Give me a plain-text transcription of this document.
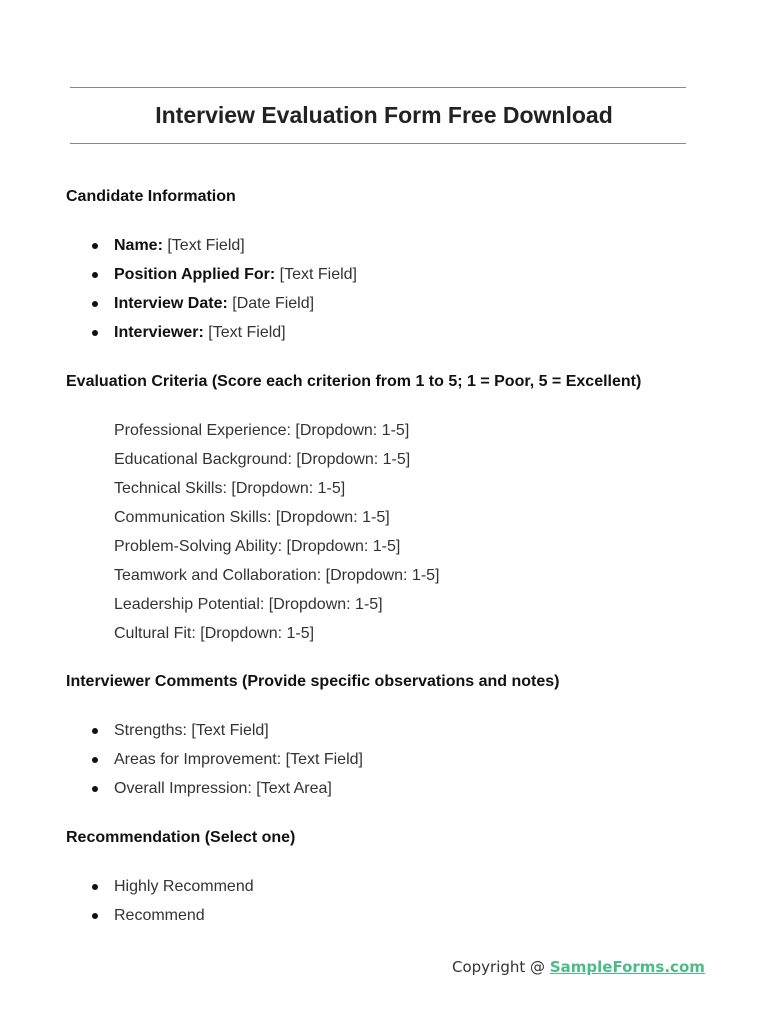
Interview Evaluation Form Free Download
Candidate Information
Name: [Text Field]
Position Applied For: [Text Field]
Interview Date: [Date Field]
Interviewer: [Text Field]
Evaluation Criteria (Score each criterion from 1 to 5; 1 = Poor, 5 = Excellent)
Professional Experience: [Dropdown: 1-5]
Educational Background: [Dropdown: 1-5]
Technical Skills: [Dropdown: 1-5]
Communication Skills: [Dropdown: 1-5]
Problem-Solving Ability: [Dropdown: 1-5]
Teamwork and Collaboration: [Dropdown: 1-5]
Leadership Potential: [Dropdown: 1-5]
Cultural Fit: [Dropdown: 1-5]
Interviewer Comments (Provide specific observations and notes)
Strengths: [Text Field]
Areas for Improvement: [Text Field]
Overall Impression: [Text Area]
Recommendation (Select one)
Highly Recommend
Recommend
Copyright @ SampleForms.com
